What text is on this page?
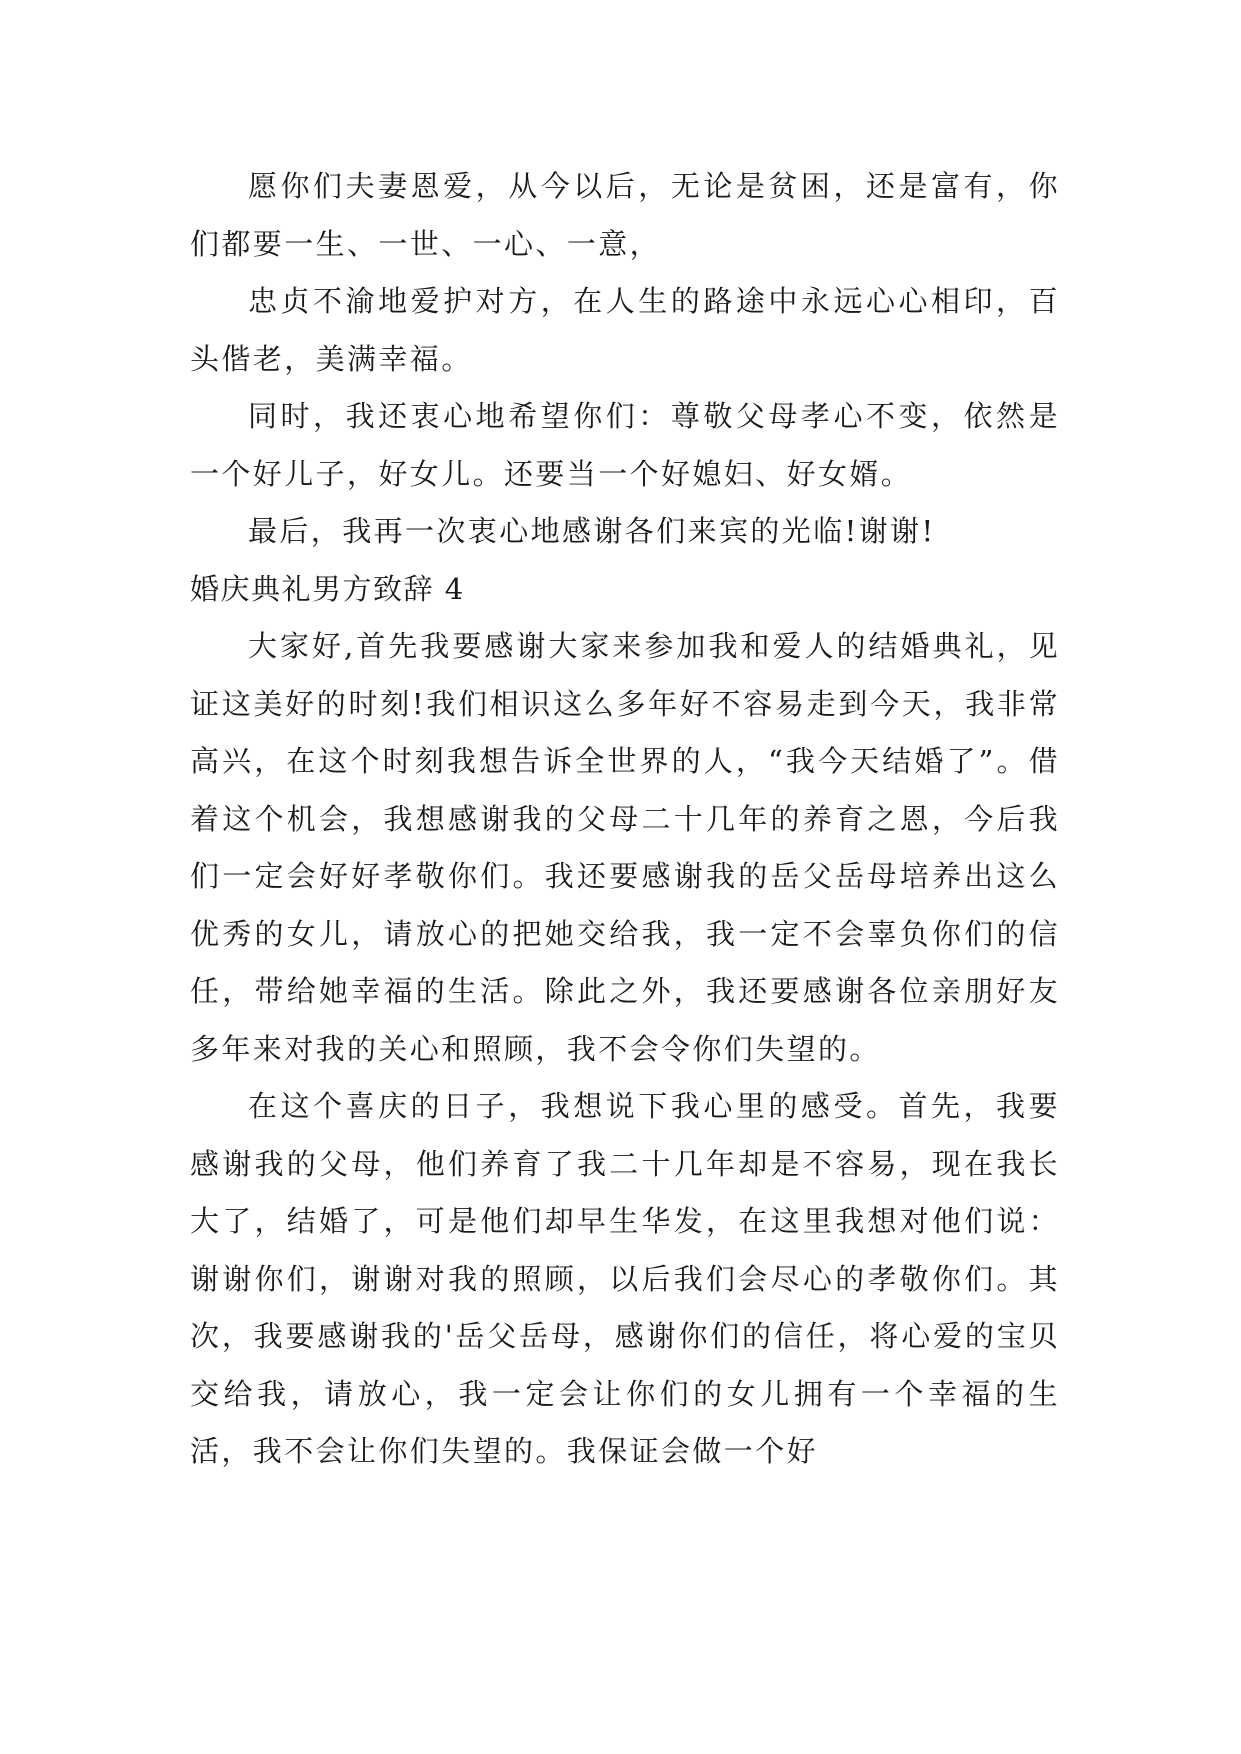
愿你们夫妻恩爱，从今以后，无论是贫困，还是富有，你们都要一生、一世、一心、一意，

忠贞不渝地爱护对方，在人生的路途中永远心心相印，百头偕老，美满幸福。

同时，我还衷心地希望你们：尊敬父母孝心不变，依然是一个好儿子，好女儿。还要当一个好媳妇、好女婿。

最后，我再一次衷心地感谢各们来宾的光临!谢谢!

婚庆典礼男方致辞 4

大家好,首先我要感谢大家来参加我和爱人的结婚典礼，见证这美好的时刻!我们相识这么多年好不容易走到今天，我非常高兴，在这个时刻我想告诉全世界的人，“我今天结婚了”。借着这个机会，我想感谢我的父母二十几年的养育之恩，今后我们一定会好好孝敬你们。我还要感谢我的岳父岳母培养出这么优秀的女儿，请放心的把她交给我，我一定不会辜负你们的信任，带给她幸福的生活。除此之外，我还要感谢各位亲朋好友多年来对我的关心和照顾，我不会令你们失望的。

在这个喜庆的日子，我想说下我心里的感受。首先，我要感谢我的父母，他们养育了我二十几年却是不容易，现在我长大了，结婚了，可是他们却早生华发，在这里我想对他们说：谢谢你们，谢谢对我的照顾，以后我们会尽心的孝敬你们。其次，我要感谢我的'岳父岳母，感谢你们的信任，将心爱的宝贝交给我，请放心，我一定会让你们的女儿拥有一个幸福的生活，我不会让你们失望的。我保证会做一个好
